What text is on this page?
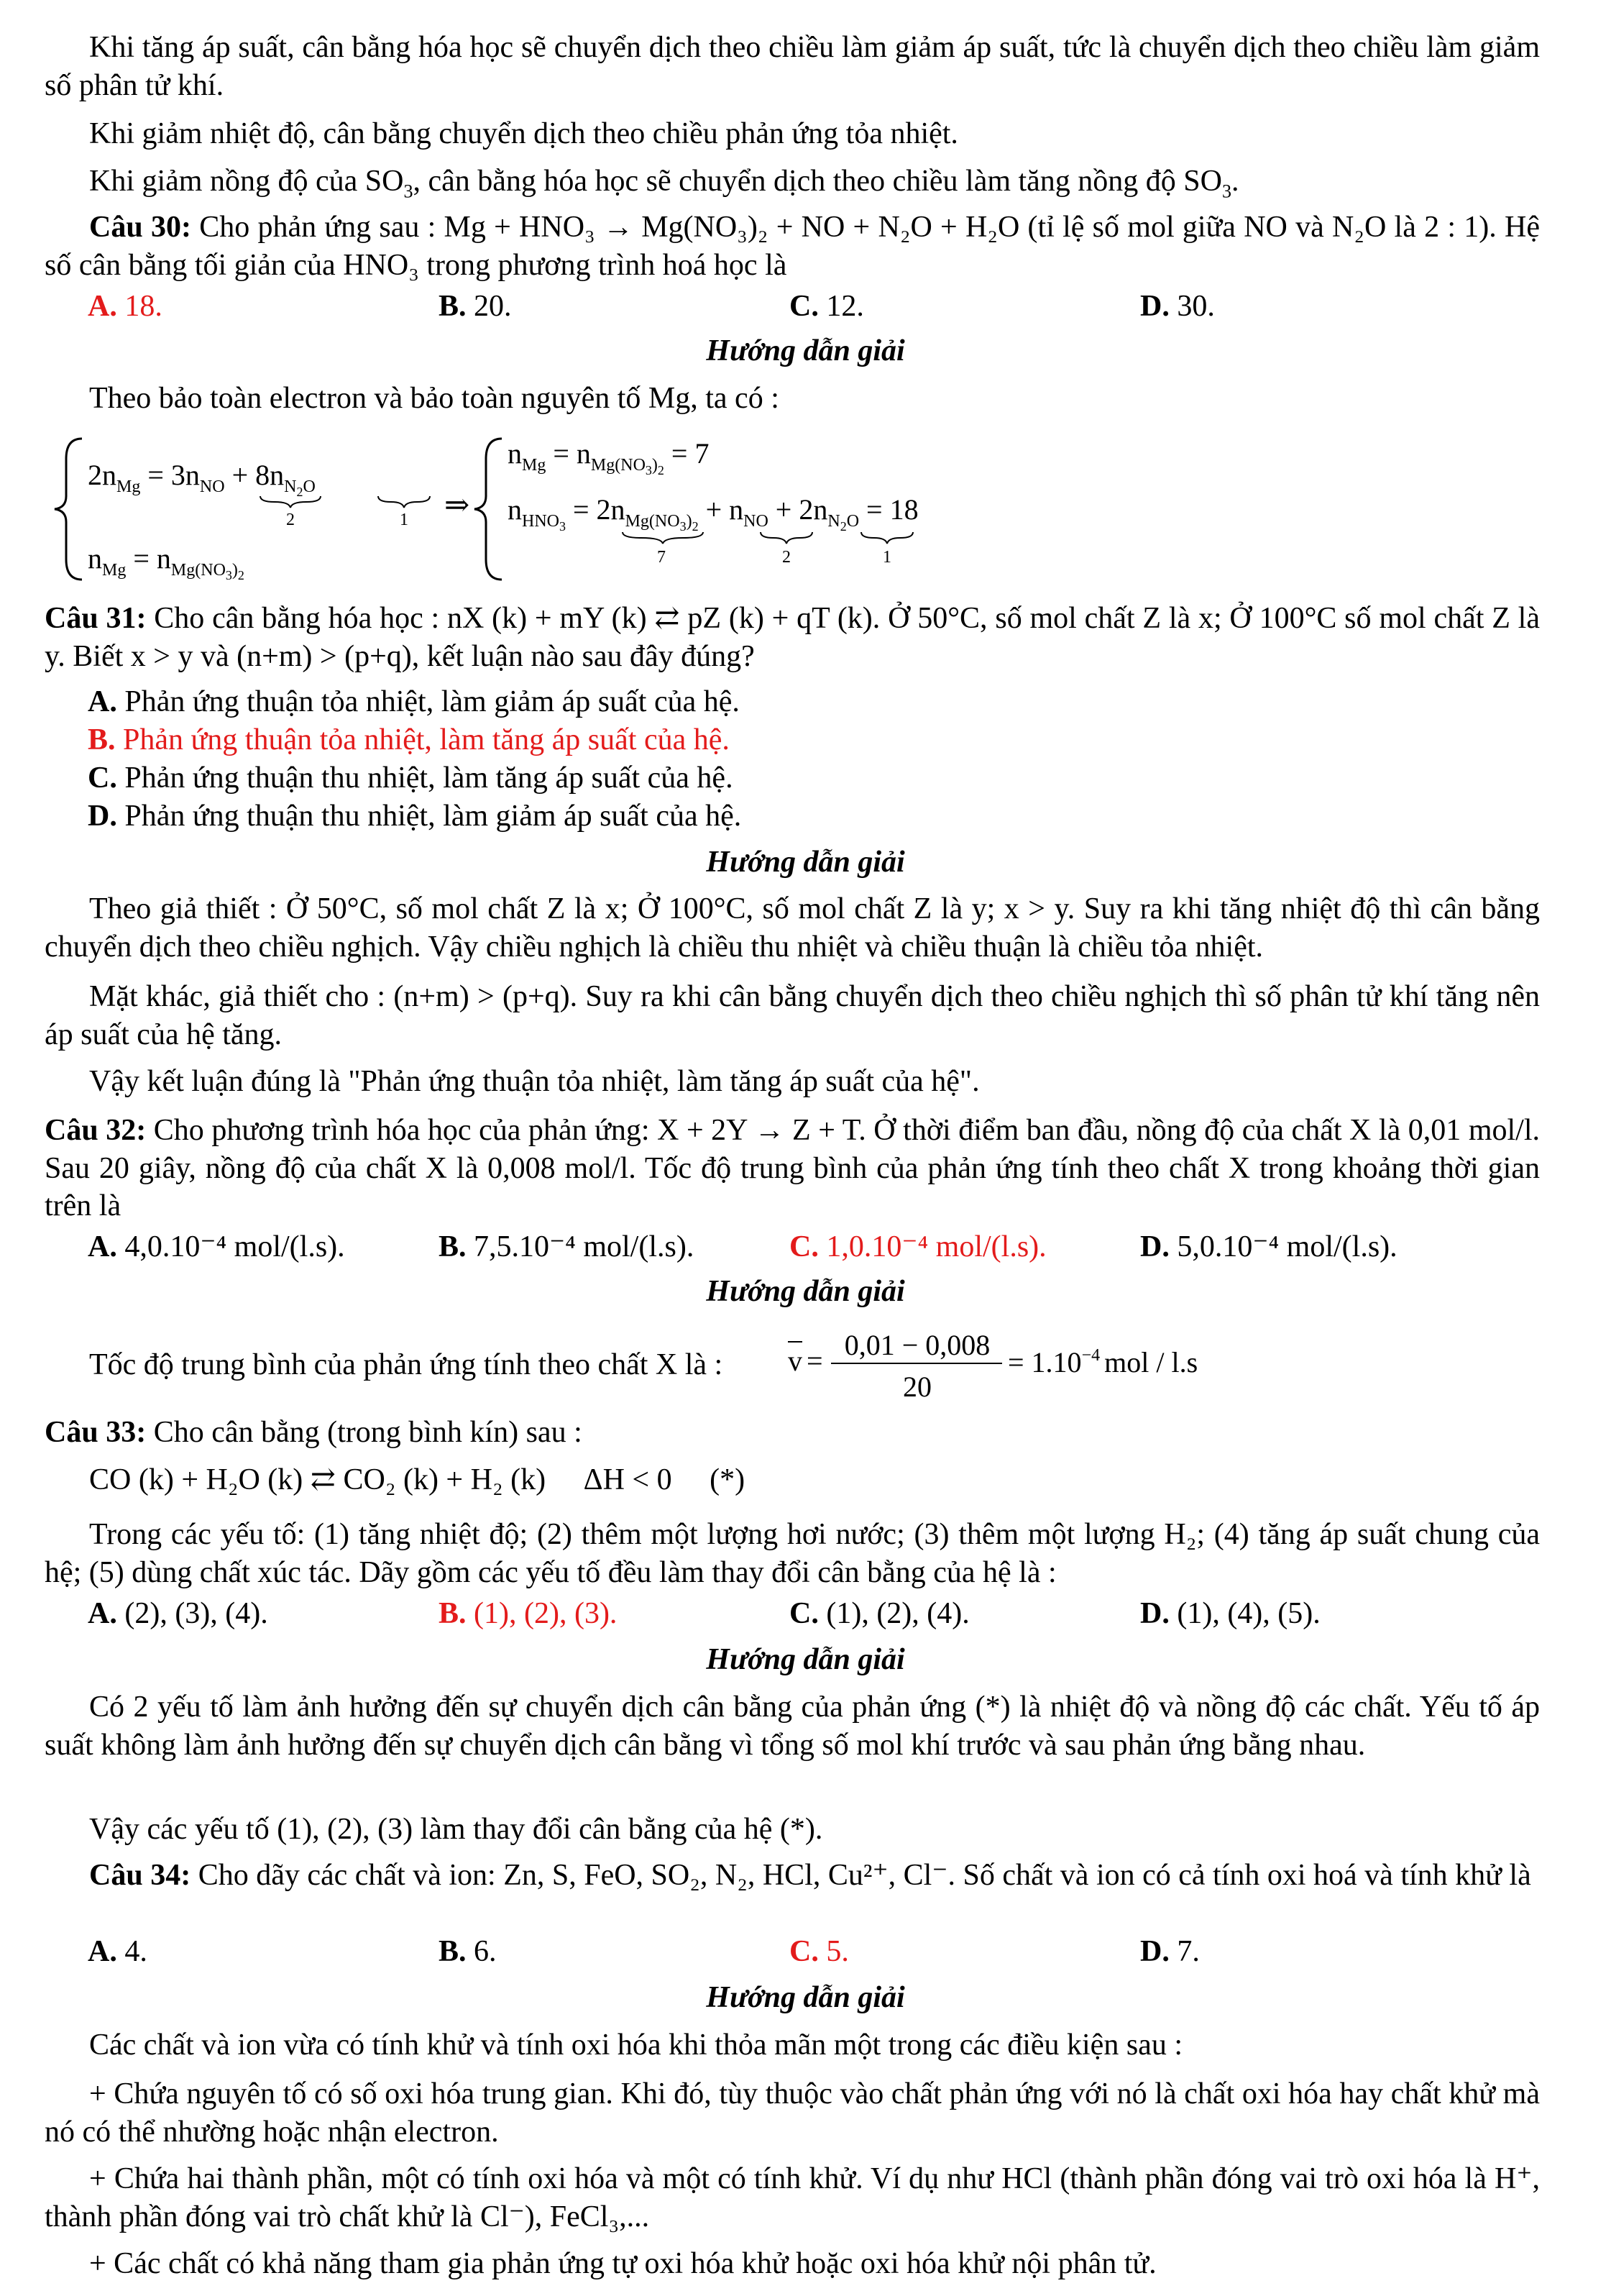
Khi tăng áp suất, cân bằng hóa học sẽ chuyển dịch theo chiều làm giảm áp suất, tức là chuyển dịch theo chiều làm giảm số phân tử khí.

Khi giảm nhiệt độ, cân bằng chuyển dịch theo chiều phản ứng tỏa nhiệt.

Khi giảm nồng độ của $SO_3$, cân bằng hóa học sẽ chuyển dịch theo chiều làm tăng nồng độ $SO_3$.

Câu 30: Cho phản ứng sau : Mg + HNO₃ → Mg(NO₃)₂ + NO + N₂O + H₂O (tỉ lệ số mol giữa NO và N₂O là 2 : 1). Hệ số cân bằng tối giản của HNO₃ trong phương trình hoá học là

A. 18.	B. 20.	C. 12.	D. 30.
Hướng dẫn giải

Theo bảo toàn electron và bảo toàn nguyên tố Mg, ta có :

$2n_{Mg} = 3n_{NO} + 8n_N2O$
2	1
$n_{Mg} = n_{Mg(NO}3)2$
⇒
$n_{Mg} = n_{Mg(NO}3)2 = 7$
$n_{HNO}3 = 2n_{Mg(NO}3)2 + n_{NO} + 2n_N2O = 18$
7	2	1

Câu 31: Cho cân bằng hóa học : nX (k) + mY (k) ⇄ pZ (k) + qT (k). Ở 50°C, số mol chất Z là x; Ở 100°C số mol chất Z là y. Biết x > y và (n+m) > (p+q), kết luận nào sau đây đúng?

A. Phản ứng thuận tỏa nhiệt, làm giảm áp suất của hệ.
B. Phản ứng thuận tỏa nhiệt, làm tăng áp suất của hệ.
C. Phản ứng thuận thu nhiệt, làm tăng áp suất của hệ.
D. Phản ứng thuận thu nhiệt, làm giảm áp suất của hệ.
Hướng dẫn giải

Theo giả thiết : Ở 50°C, số mol chất Z là x; Ở 100°C, số mol chất Z là y; x > y. Suy ra khi tăng nhiệt độ thì cân bằng chuyển dịch theo chiều nghịch. Vậy chiều nghịch là chiều thu nhiệt và chiều thuận là chiều tỏa nhiệt.

Mặt khác, giả thiết cho : (n+m) > (p+q). Suy ra khi cân bằng chuyển dịch theo chiều nghịch thì số phân tử khí tăng nên áp suất của hệ tăng.

Vậy kết luận đúng là "Phản ứng thuận tỏa nhiệt, làm tăng áp suất của hệ".

Câu 32: Cho phương trình hóa học của phản ứng: X + 2Y → Z + T. Ở thời điểm ban đầu, nồng độ của chất X là 0,01 mol/l. Sau 20 giây, nồng độ của chất X là 0,008 mol/l. Tốc độ trung bình của phản ứng tính theo chất X trong khoảng thời gian trên là

A. 4,0.10⁻⁴ mol/(l.s).	B. 7,5.10⁻⁴ mol/(l.s).	C. 1,0.10⁻⁴ mol/(l.s).	D. 5,0.10⁻⁴ mol/(l.s).
Hướng dẫn giải
Tốc độ trung bình của phản ứng tính theo chất X là :	v = 0,01 − 0,008
20
= $1.10^{-4}$ mol / l.s

Câu 33: Cho cân bằng (trong bình kín) sau :

CO (k) + H₂O (k) ⇄ CO₂ (k) + H₂ (k)     ΔH < 0     (*)

Trong các yếu tố: (1) tăng nhiệt độ; (2) thêm một lượng hơi nước; (3) thêm một lượng H₂; (4) tăng áp suất chung của hệ; (5) dùng chất xúc tác. Dãy gồm các yếu tố đều làm thay đổi cân bằng của hệ là :

A. (2), (3), (4).	B. (1), (2), (3).	C. (1), (2), (4).	D. (1), (4), (5).
Hướng dẫn giải

Có 2 yếu tố làm ảnh hưởng đến sự chuyển dịch cân bằng của phản ứng (*) là nhiệt độ và nồng độ các chất. Yếu tố áp suất không làm ảnh hưởng đến sự chuyển dịch cân bằng vì tổng số mol khí trước và sau phản ứng bằng nhau.

Vậy các yếu tố (1), (2), (3) làm thay đổi cân bằng của hệ (*).

Câu 34: Cho dãy các chất và ion: Zn, S, FeO, SO₂, N₂, HCl, Cu²⁺, Cl⁻. Số chất và ion có cả tính oxi hoá và tính khử là

A. 4.	B. 6.	C. 5.	D. 7.
Hướng dẫn giải

Các chất và ion vừa có tính khử và tính oxi hóa khi thỏa mãn một trong các điều kiện sau :

+ Chứa nguyên tố có số oxi hóa trung gian. Khi đó, tùy thuộc vào chất phản ứng với nó là chất oxi hóa hay chất khử mà nó có thể nhường hoặc nhận electron.

+ Chứa hai thành phần, một có tính oxi hóa và một có tính khử. Ví dụ như HCl (thành phần đóng vai trò oxi hóa là H⁺, thành phần đóng vai trò chất khử là Cl⁻), FeCl₃,...

+ Các chất có khả năng tham gia phản ứng tự oxi hóa khử hoặc oxi hóa khử nội phân tử.
